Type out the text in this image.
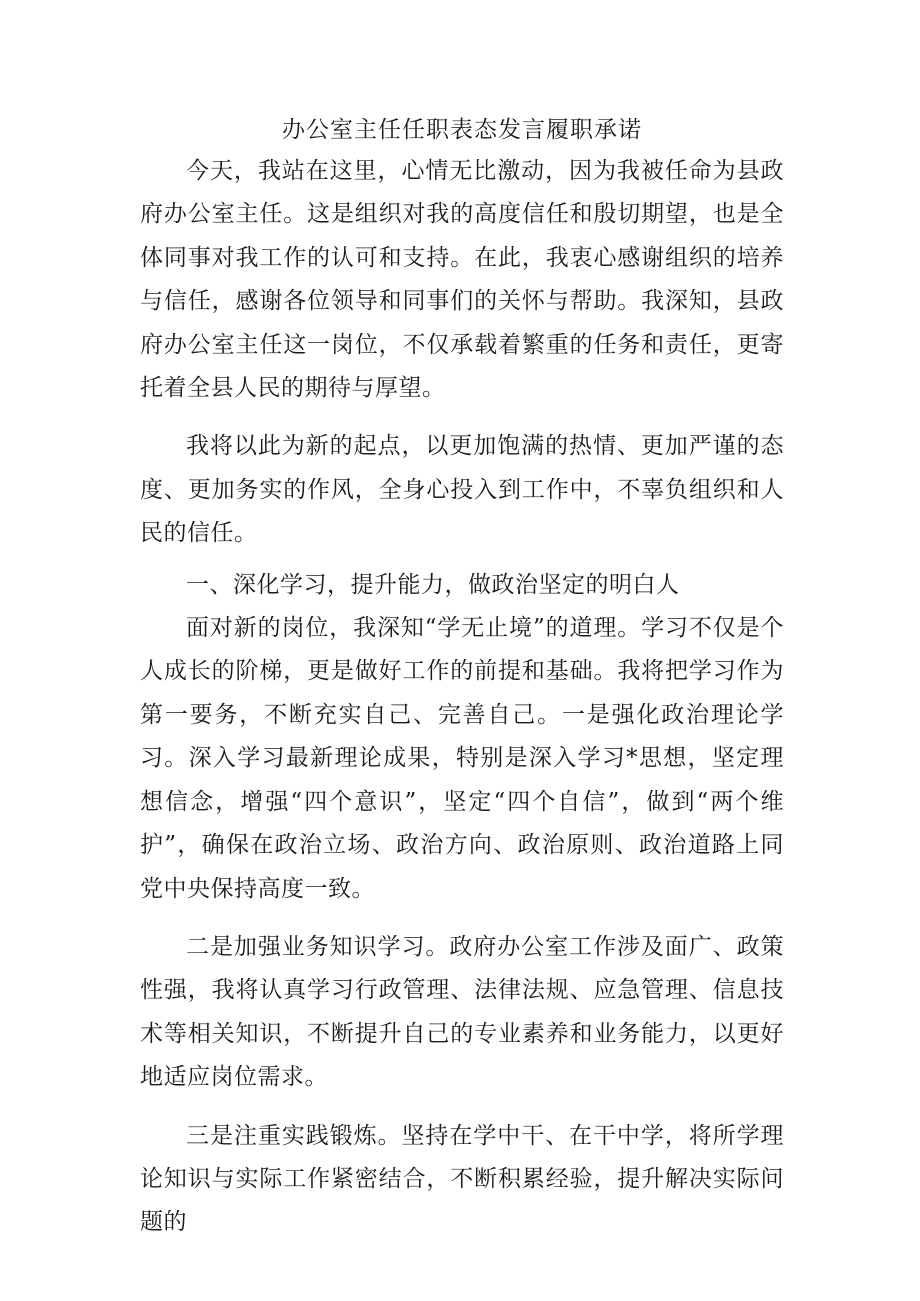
办公室主任任职表态发言履职承诺

今天，我站在这里，心情无比激动，因为我被任命为县政府办公室主任。这是组织对我的高度信任和殷切期望，也是全体同事对我工作的认可和支持。在此，我衷心感谢组织的培养与信任，感谢各位领导和同事们的关怀与帮助。我深知，县政府办公室主任这一岗位，不仅承载着繁重的任务和责任，更寄托着全县人民的期待与厚望。

我将以此为新的起点，以更加饱满的热情、更加严谨的态度、更加务实的作风，全身心投入到工作中，不辜负组织和人民的信任。

一、深化学习，提升能力，做政治坚定的明白人

面对新的岗位，我深知“学无止境”的道理。学习不仅是个人成长的阶梯，更是做好工作的前提和基础。我将把学习作为第一要务，不断充实自己、完善自己。一是强化政治理论学习。深入学习最新理论成果，特别是深入学习*思想，坚定理想信念，增强“四个意识”，坚定“四个自信”，做到“两个维护”，确保在政治立场、政治方向、政治原则、政治道路上同党中央保持高度一致。

二是加强业务知识学习。政府办公室工作涉及面广、政策性强，我将认真学习行政管理、法律法规、应急管理、信息技术等相关知识，不断提升自己的专业素养和业务能力，以更好地适应岗位需求。

三是注重实践锻炼。坚持在学中干、在干中学，将所学理论知识与实际工作紧密结合，不断积累经验，提升解决实际问题的
